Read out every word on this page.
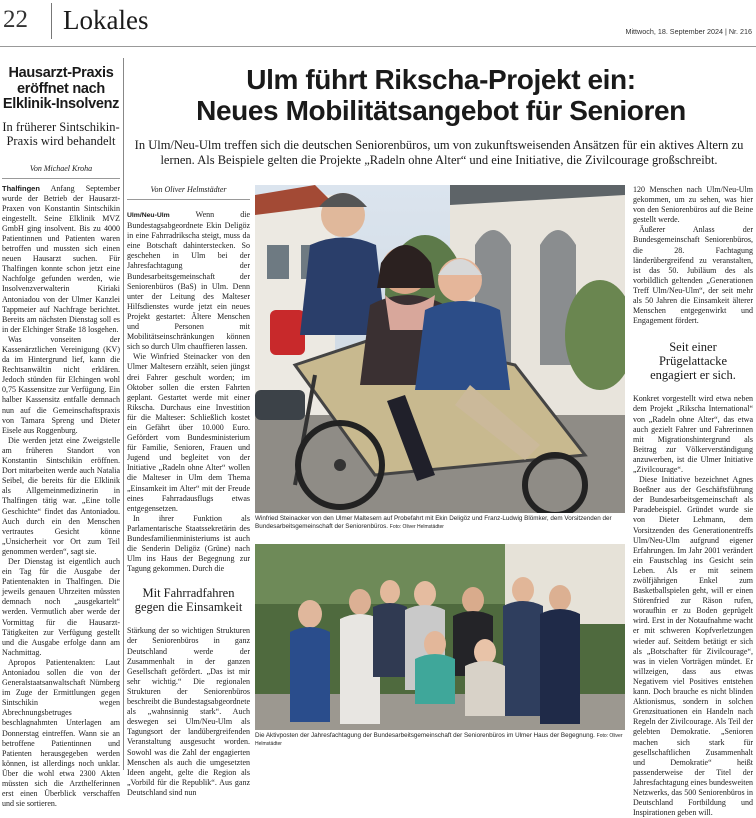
22 Lokales	Mittwoch, 18. September 2024 | Nr. 216
Hausarzt-Praxis eröffnet nach Elklinik-Insolvenz
In früherer Sintschikin-Praxis wird behandelt
Von Michael Kroha

Thalfingen Anfang September wurde der Betrieb der Hausarzt-Praxen von Konstantin Sintschikin eingestellt. Seine Elklinik MVZ GmbH ging insolvent. Bis zu 4000 Patientinnen und Patienten waren betroffen und mussten sich einen neuen Hausarzt suchen. Für Thalfingen konnte schon jetzt eine Nachfolge gefunden werden, wie Insolvenzverwalterin Kiriaki Antoniadou von der Ulmer Kanzlei Tappmeier auf Nachfrage berichtet. Bereits am nächsten Dienstag soll es in der Elchinger Straße 18 losgehen.

Was vonseiten der Kassenärztlichen Vereinigung (KV) da im Hintergrund lief, kann die Rechtsanwältin nicht erklären. Jedoch stünden für Elchingen wohl 0,75 Kassensitze zur Verfügung. Ein halber Kassensitz entfalle demnach nun auf die Gemeinschaftspraxis von Tamara Spreng und Dieter Eisele aus Roggenburg.

Die werden jetzt eine Zweigstelle am früheren Standort von Konstantin Sintschikin eröffnen. Dort mitarbeiten werde auch Natalia Seibel, die bereits für die Elklinik als Allgemeinmedizinerin in Thalfingen tätig war. „Eine tolle Geschichte“ findet das Antoniadou. Auch durch ein den Menschen vertrautes Gesicht könne „Unsicherheit vor Ort zum Teil genommen werden“, sagt sie.

Der Dienstag ist eigentlich auch ein Tag für die Ausgabe der Patientenakten in Thalfingen. Die jeweils genauen Uhrzeiten müssten demnach noch „ausgekartelt“ werden. Vermutlich aber werde der Vormittag für die Hausarzt-Tätigkeiten zur Verfügung gestellt und die Ausgabe erfolge dann am Nachmittag.

Apropos Patientenakten: Laut Antoniadou sollen die von der Generalstaatsanwaltschaft Nürnberg im Zuge der Ermittlungen gegen Sintschikin wegen Abrechnungsbetruges beschlagnahmten Unterlagen am Donnerstag eintreffen. Wann sie an betroffene Patientinnen und Patienten herausgegeben werden können, ist allerdings noch unklar. Über die wohl etwa 2300 Akten müssten sich die Arzthelferinnen erst einen Überblick verschaffen und sie sortieren.

Ulm führt Rikscha-Projekt ein:
Neues Mobilitätsangebot für Senioren
In Ulm/Neu-Ulm treffen sich die deutschen Seniorenbüros, um von zukunftsweisenden Ansätzen für ein aktives Altern zu lernen. Als Beispiele gelten die Projekte „Radeln ohne Alter“ und eine Initiative, die Zivilcourage großschreibt.
Von Oliver Helmstädter

Ulm/Neu-Ulm	Wenn die Bundestagsabgeordnete Ekin Deligöz in eine Fahrradrikscha steigt, muss da eine Botschaft dahinterstecken. So geschehen in Ulm bei der Jahresfachtagung der Bundesarbeitsgemeinschaft der Seniorenbüros (BaS) in Ulm. Denn unter der Leitung des Malteser Hilfsdienstes wurde jetzt ein neues Projekt gestartet: Ältere Menschen und Personen mit Mobilitätseinschränkungen können sich so durch Ulm chauffieren lassen.

Wie Winfried Steinacker von den Ulmer Maltesern erzählt, seien jüngst drei Fahrer geschult worden; im Oktober sollen die ersten Fahrten geplant. Gestartet werde mit einer Rikscha. Durchaus eine Investition für die Malteser: Schließlich kostet ein Gefährt über 10.000 Euro. Gefördert vom Bundesministerium für Familie, Senioren, Frauen und Jugend und begleitet von der Initiative „Radeln ohne Alter“ wollen die Malteser in Ulm dem Thema „Einsamkeit im Alter“ mit der Freude eines Fahrradausflugs etwas entgegensetzen.

In ihrer Funktion als Parlamentarische Staatssekretärin des Bundesfamilienministeriums ist auch die Senderin Deligöz (Grüne) nach Ulm ins Haus der Begegnung zur Tagung gekommen. Durch die

Mit Fahrradfahren gegen die Einsamkeit

Stärkung der so wichtigen Strukturen der Seniorenbüros in ganz Deutschland werde der Zusammenhalt in der ganzen Gesellschaft gefördert. „Das ist mir sehr wichtig.“ Die regionalen Strukturen der Seniorenbüros beschreibt die Bundestagsabgeordnete als „wahnsinnig stark“. Auch deswegen sei Ulm/Neu-Ulm als Tagungsort der landübergreifenden Veranstaltung ausgesucht worden. Sowohl was die Zahl der engagierten Menschen als auch die umgesetzten Ideen angeht, gelte die Region als „Vorbild für die Republik“. Aus ganz Deutschland sind nun

Winfried Steinacker von den Ulmer Maltesern auf Probefahrt mit Ekin Deligöz und Franz-Ludwig Blömker, dem Vorsitzenden der Bundesarbeitsgemeinschaft der Seniorenbüros. Foto: Oliver Helmstädter

Die Aktivposten der Jahresfachtagung der Bundesarbeitsgemeinschaft der Seniorenbüros im Ulmer Haus der Begegnung. Foto: Oliver Helmstädter

120 Menschen nach Ulm/Neu-Ulm gekommen, um zu sehen, was hier von den Seniorenbüros auf die Beine gestellt werde.

Äußerer Anlass der Bundesgemeinschaft Seniorenbüros, die 28. Fachtagung länderübergreifend zu veranstalten, ist das 50. Jubiläum des als vorbildlich geltenden „Generationen Treff Ulm/Neu-Ulm“, der seit mehr als 50 Jahren die Einsamkeit älterer Menschen entgegenwirkt und Engagement fördert.

Seit einer Prügelattacke engagiert er sich.

Konkret vorgestellt wird etwa neben dem Projekt „Rikscha International“ von „Radeln ohne Alter“, das etwa auch gezielt Fahrer und Fahrerinnen mit Migrationshintergrund als Beitrag zur Völkerverständigung anzuwerben, ist die Ulmer Initiative „Zivilcourage“.

Diese Initiative bezeichnet Agnes Boeßner aus der Geschäftsführung der Bundesarbeitsgemeinschaft als Paradebeispiel. Gründet wurde sie von Dieter Lehmann, dem Vorsitzenden des Generationentreffs Ulm/Neu-Ulm aufgrund eigener Erfahrungen. Im Jahr 2001 verändert ein Faustschlag ins Gesicht sein Leben. Als er mit seinem zwölfjährigen Enkel zum Basketballspielen geht, will er einen Störenfried zur Räson rufen, woraufhin er zu Boden geprügelt wird. Erst in der Notaufnahme wacht er mit schweren Kopfverletzungen wieder auf. Seitdem betätigt er sich als „Botschafter für Zivilcourage“, was in vielen Vorträgen mündet. Er willzeigen, dass aus etwas Negativem viel Positives entstehen kann. Doch brauche es nicht blinden Aktionismus, sondern in solchen Grenzsituationen ein Handeln nach Regeln der Zivilcourage. Als Teil der gelebten Demokratie. „Senioren machen sich stark für gesellschaftlichen Zusammenhalt und Demokratie“ heißt passenderweise der Titel der Jahresfachtagung eines bundesweiten Netzwerks, das 500 Seniorenbüros in Deutschland Fortbildung und Inspirationen geben will.
